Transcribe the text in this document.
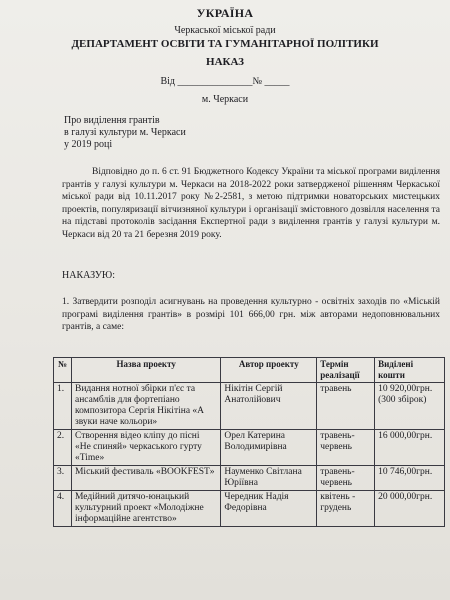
УКРАЇНА
Черкаської міської ради
ДЕПАРТАМЕНТ ОСВІТИ ТА ГУМАНІТАРНОЇ ПОЛІТИКИ
НАКАЗ
Від _______________№ _____
м. Черкаси
Про виділення грантів
в галузі культури м. Черкаси
у 2019 році
Відповідно до п. 6 ст. 91 Бюджетного Кодексу України та міської програми виділення грантів у галузі культури м. Черкаси на 2018-2022 роки затвердженої рішенням Черкаської міської ради від 10.11.2017 року №2-2581, з метою підтримки новаторських мистецьких проектів, популяризації вітчизняної культури і організації змістовного дозвілля населення та на підставі протоколів засідання Експертної ради з виділення грантів у галузі культури м. Черкаси від 20 та 21 березня 2019 року.
НАКАЗУЮ:
1. Затвердити розподіл асигнувань на проведення культурно - освітніх заходів по «Міській програмі виділення грантів» в розмірі 101 666,00 грн. між авторами недоповнювальних грантів, а саме:
№	Назва проекту	Автор проекту	Термін реалізації	Виділені кошти
1.	Видання нотної збірки п'єс та ансамблів для фортепіано композитора Сергія Нікітіна «А звуки наче кольори»	Нікітін Сергій Анатолійович	травень	10 920,00грн. (300 збірок)
2.	Створення відео кліпу до пісні «Не спиняй» черкаського гурту «Time»	Орел Катерина Володимирівна	травень-червень	16 000,00грн.
3.	Міський фестиваль «BOOKFEST»	Науменко Світлана Юріївна	травень-червень	10 746,00грн.
4.	Медійний дитячо-юнацький культурний проект «Молодіжне інформаційне агентство»	Чередник Надія Федорівна	квітень - грудень	20 000,00грн.
